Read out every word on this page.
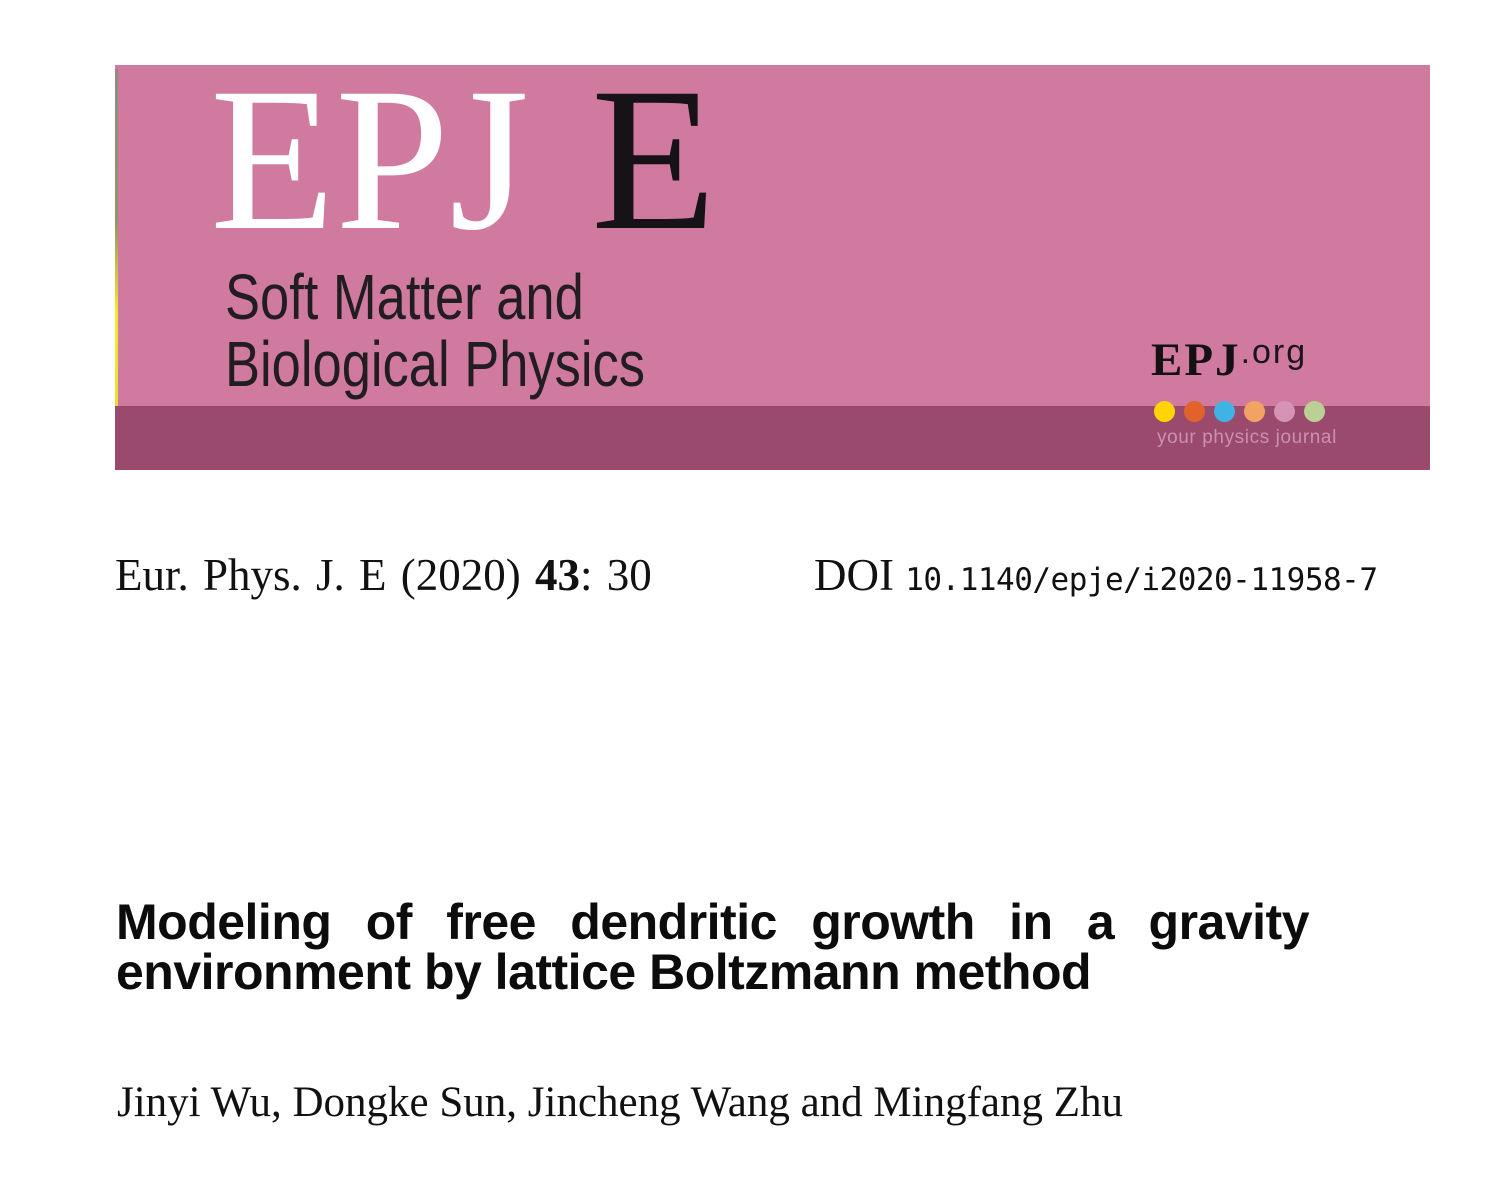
EPJ E
Soft Matter and
Biological Physics	EPJ.org
your physics journal
Eur. Phys. J. E (2020) 43: 30	DOI 10.1140/epje/i2020-11958-7
Modeling of free dendritic growth in a gravity
environment by lattice Boltzmann method
Jinyi Wu, Dongke Sun, Jincheng Wang and Mingfang Zhu
